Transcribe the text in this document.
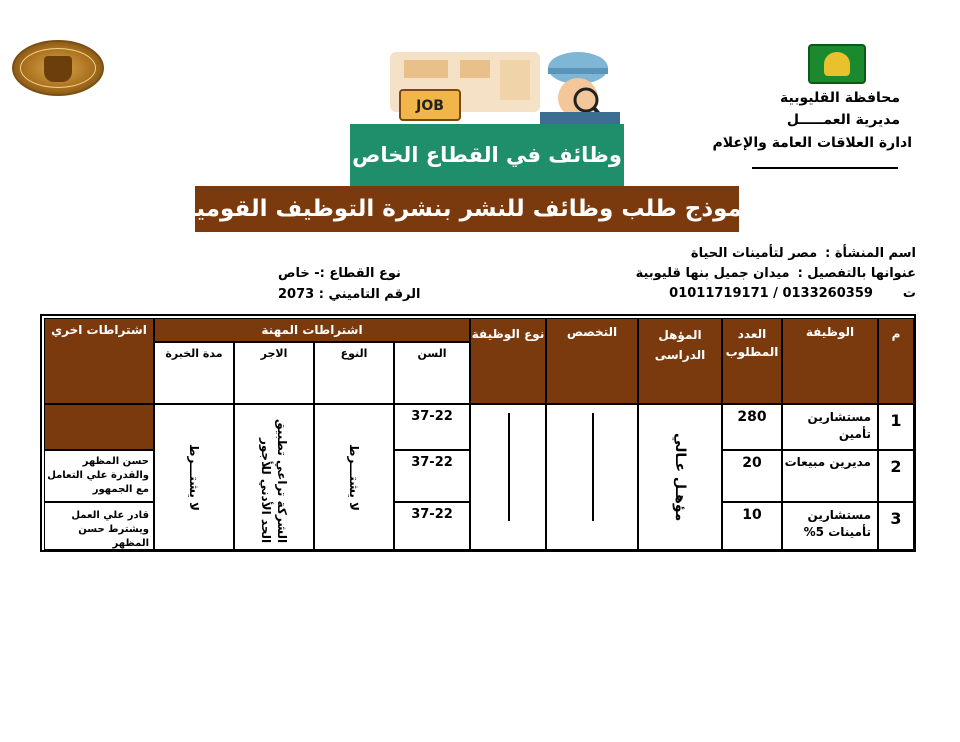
محافظة القليوبية
مديرية العمـــــل
ادارة العلاقات العامة والإعلام
JOB
وظائف في القطاع الخاص
نموذج طلب وظائف للنشر بنشرة التوظيف القومية
اسم المنشأة :مصر لتأمينات الحياة
عنوانها بالتفصيل :ميدان جميل بنها قليوبية
ت01011719171 / 0133260359
نوع القطاع :- خاص
الرقم التاميني : 2073
م
الوظيفة
العدد المطلوب
المؤهل الدراسى
التخصص
نوع الوظيفة
اشتراطات المهنة
اشتراطات اخري
السن
النوع
الاجر
مدة الخبرة
1
مستشارين تأمين
280
37-22
2
مديرين مبيعات
20
37-22
حسن المظهر والقدرة علي التعامل مع الجمهور
3
مستشارين تأمينات 5%
10
37-22
قادر علي العمل ويشترط حسن المظهر
مؤهـل عـالي
لا يشتـــرط
الشركة تراعي تطبيق الحد الأدني للأجور
لا يشتـــرط
